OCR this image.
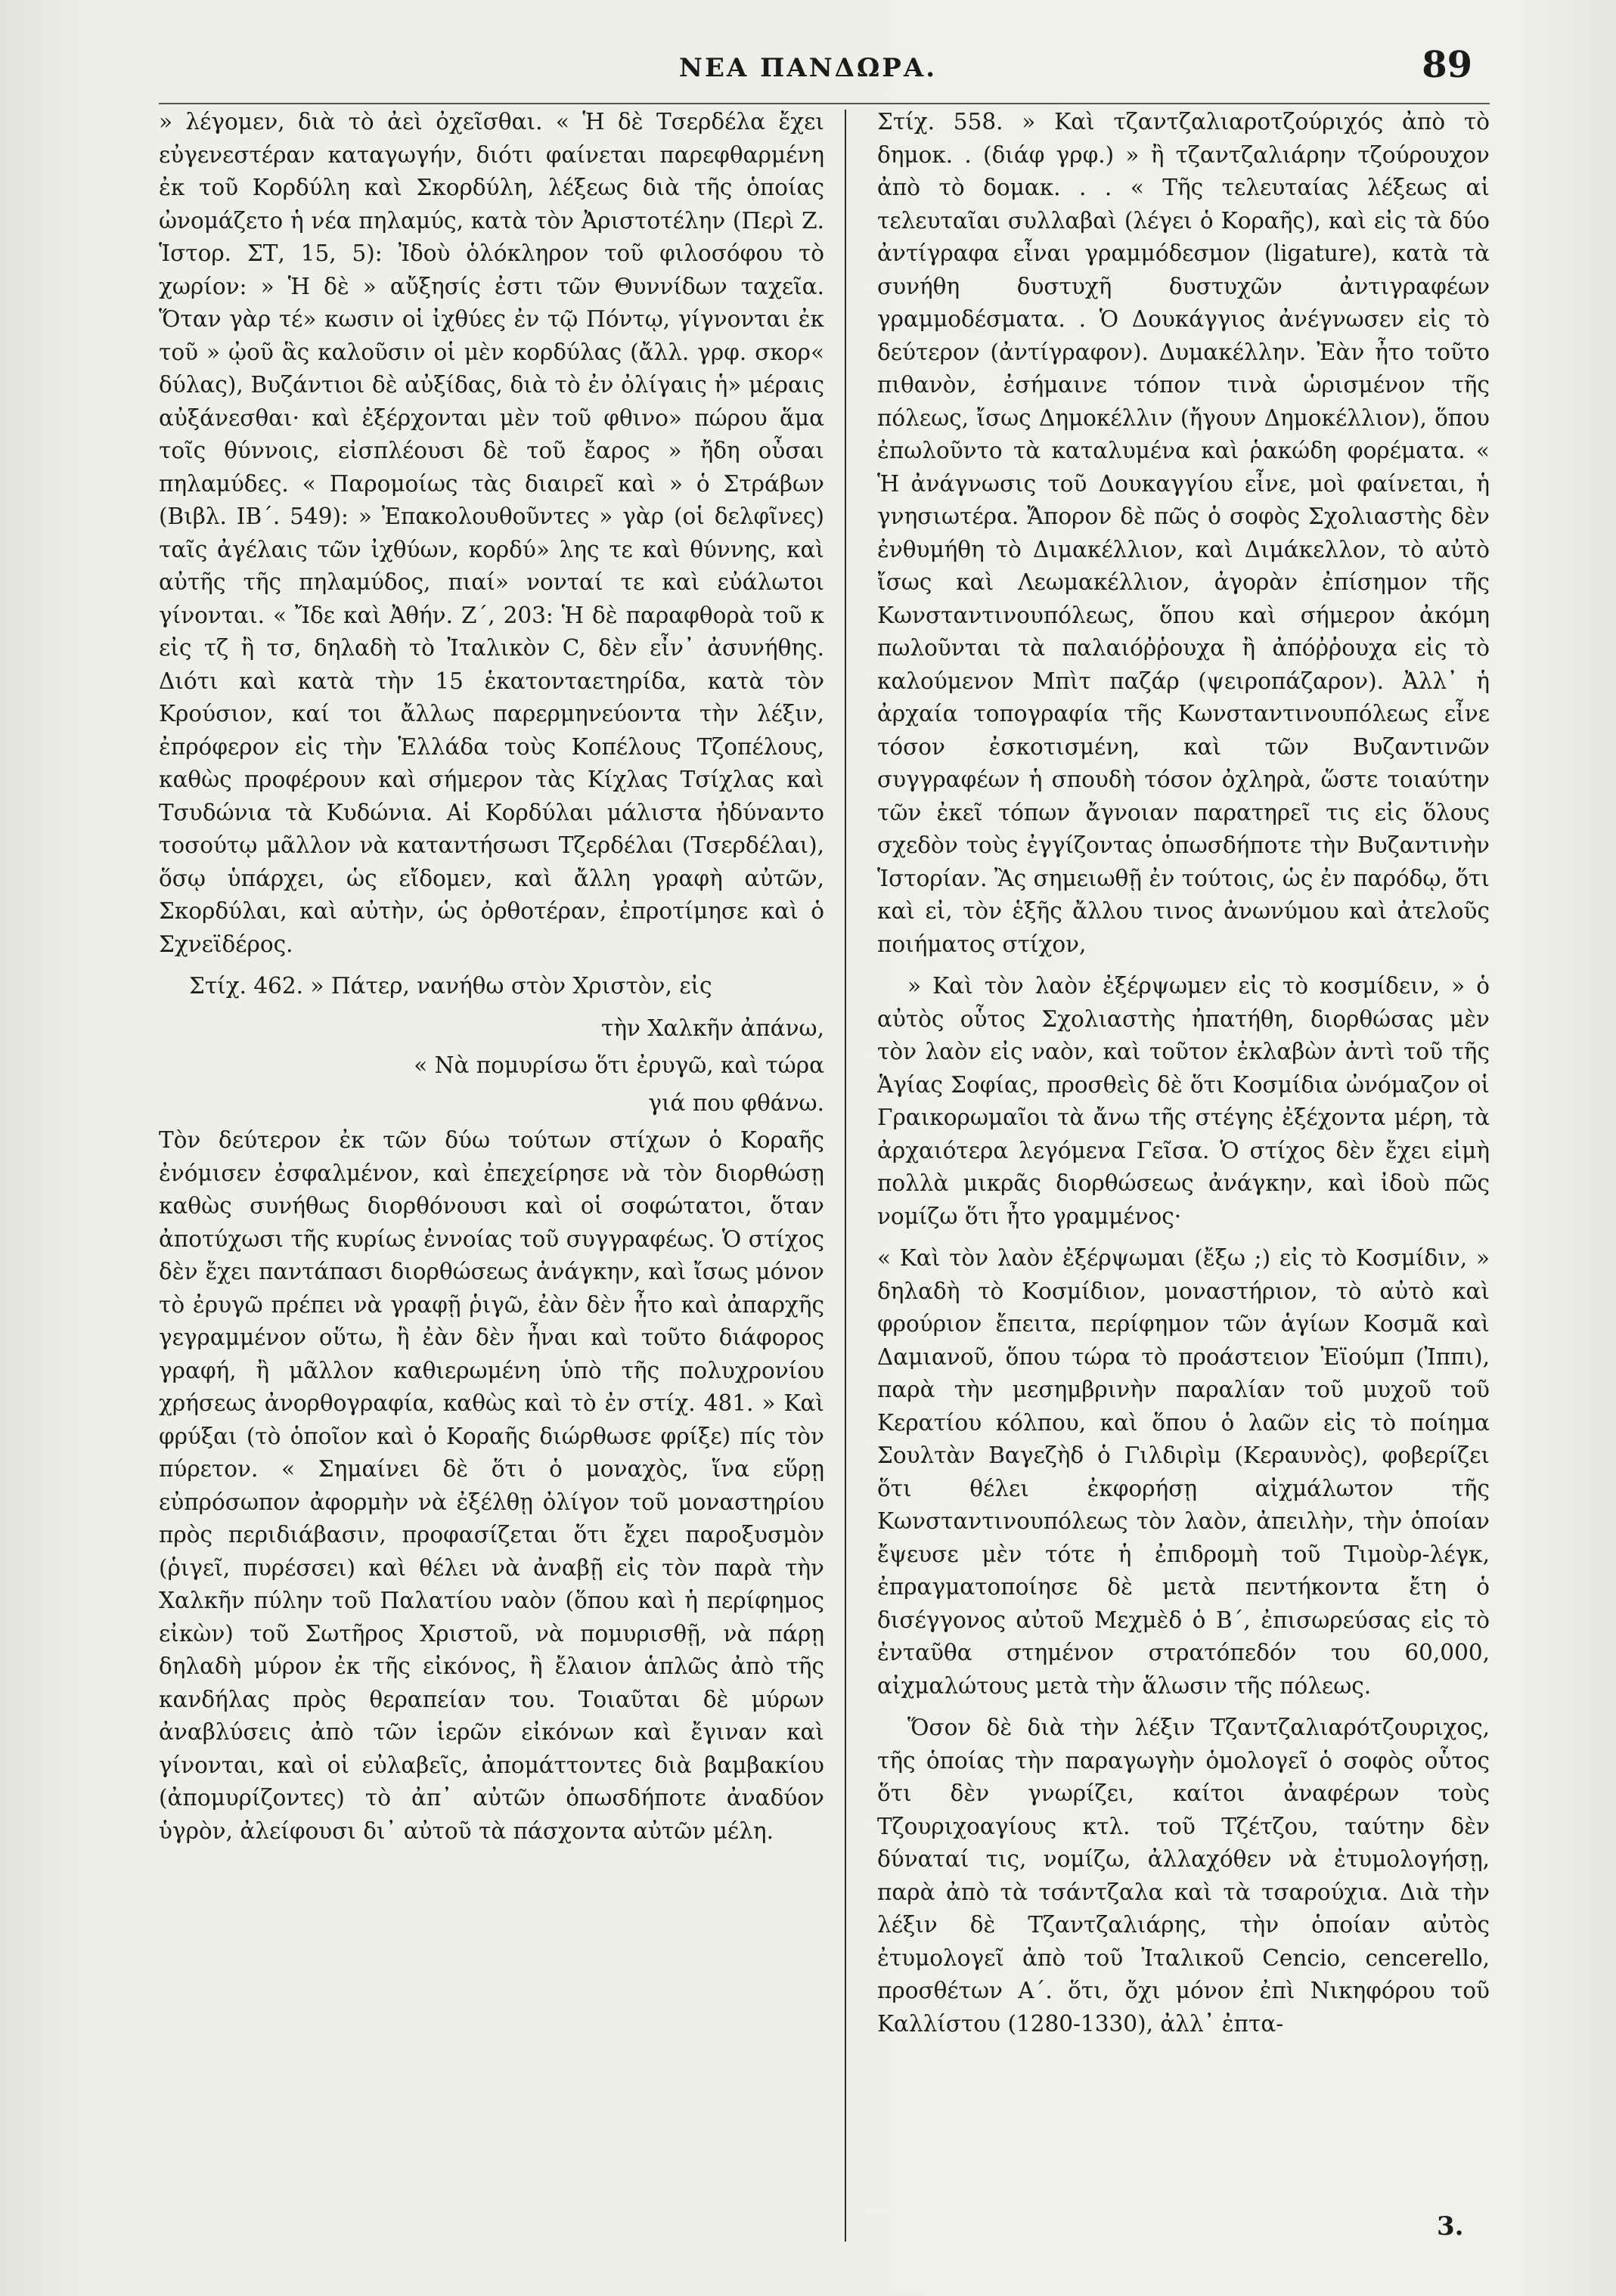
ΝΕΑ ΠΑΝΔΩΡΑ.	89

» λέγομεν, διὰ τὸ ἀεὶ ὀχεῖσθαι. « Ἡ δὲ Τσερδέλα ἔχει εὐγενεστέραν καταγωγήν, διότι φαίνεται παρεφθαρμένη ἐκ τοῦ Κορδύλη καὶ Σκορδύλη, λέξεως διὰ τῆς ὁποίας ὠνομάζετο ἡ νέα πηλαμύς, κατὰ τὸν Ἀριστοτέλην (Περὶ Ζ. Ἱστορ. ΣΤ, 15, 5): Ἰδοὺ ὁλόκληρον τοῦ φιλοσόφου τὸ χωρίον: » Ἡ δὲ » αὔξησίς ἐστι τῶν Θυννίδων ταχεῖα. Ὅταν γὰρ τέ» κωσιν οἱ ἰχθύες ἐν τῷ Πόντῳ, γίγνονται ἐκ τοῦ » ᾠοῦ ἃς καλοῦσιν οἱ μὲν κορδύλας (ἄλλ. γρφ. σκορ« δύλας), Βυζάντιοι δὲ αὐξίδας, διὰ τὸ ἐν ὀλίγαις ἡ» μέραις αὐξάνεσθαι· καὶ ἐξέρχονται μὲν τοῦ φθινο» πώρου ἅμα τοῖς θύννοις, εἰσπλέουσι δὲ τοῦ ἔαρος » ἤδη οὖσαι πηλαμύδες. « Παρομοίως τὰς διαιρεῖ καὶ » ὁ Στράβων (Βιβλ. ΙΒ΄. 549): » Ἐπακολουθοῦντες » γὰρ (οἱ δελφῖνες) ταῖς ἀγέλαις τῶν ἰχθύων, κορδύ» λης τε καὶ θύννης, καὶ αὐτῆς τῆς πηλαμύδος, πιαί» νονταί τε καὶ εὐάλωτοι γίνονται. « Ἴδε καὶ Ἀθήν. Ζ΄, 203: Ἡ δὲ παραφθορὰ τοῦ κ εἰς τζ ἢ τσ, δηλαδὴ τὸ Ἰταλικὸν C, δὲν εἶν᾽ ἀσυνήθης. Διότι καὶ κατὰ τὴν 15 ἑκατονταετηρίδα, κατὰ τὸν Κρούσιον, καί τοι ἄλλως παρερμηνεύοντα τὴν λέξιν, ἐπρόφερον εἰς τὴν Ἑλλάδα τοὺς Κοπέλους Τζοπέλους, καθὼς προφέρουν καὶ σήμερον τὰς Κίχλας Τσίχλας καὶ Τσυδώνια τὰ Κυδώνια. Αἱ Κορδύλαι μάλιστα ἠδύναντο τοσούτῳ μᾶλλον νὰ καταντήσωσι Τζερδέλαι (Τσερδέλαι), ὅσῳ ὑπάρχει, ὡς εἴδομεν, καὶ ἄλλη γραφὴ αὐτῶν, Σκορδύλαι, καὶ αὐτὴν, ὡς ὀρθοτέραν, ἐπροτίμησε καὶ ὁ Σχνεϊδέρος.

Στίχ. 462. » Πάτερ, νανήθω στὸν Χριστὸν, εἰς

τὴν Χαλκῆν ἀπάνω,

« Νὰ πομυρίσω ὅτι ἐρυγῶ, καὶ τώρα

γιά που φθάνω.

Τὸν δεύτερον ἐκ τῶν δύω τούτων στίχων ὁ Κοραῆς ἐνόμισεν ἐσφαλμένον, καὶ ἐπεχείρησε νὰ τὸν διορθώσῃ καθὼς συνήθως διορθόνουσι καὶ οἱ σοφώτατοι, ὅταν ἀποτύχωσι τῆς κυρίως ἐννοίας τοῦ συγγραφέως. Ὁ στίχος δὲν ἔχει παντάπασι διορθώσεως ἀνάγκην, καὶ ἴσως μόνον τὸ ἐρυγῶ πρέπει νὰ γραφῇ ῥιγῶ, ἐὰν δὲν ἦτο καὶ ἀπαρχῆς γεγραμμένον οὕτω, ἢ ἐὰν δὲν ἦναι καὶ τοῦτο διάφορος γραφή, ἢ μᾶλλον καθιερωμένη ὑπὸ τῆς πολυχρονίου χρήσεως ἀνορθογραφία, καθὼς καὶ τὸ ἐν στίχ. 481. » Καὶ φρύξαι (τὸ ὁποῖον καὶ ὁ Κοραῆς διώρθωσε φρίξε) πίς τὸν πύρετον. « Σημαίνει δὲ ὅτι ὁ μοναχὸς, ἵνα εὕρῃ εὐπρόσωπον ἀφορμὴν νὰ ἐξέλθῃ ὀλίγον τοῦ μοναστηρίου πρὸς περιδιάβασιν, προφασίζεται ὅτι ἔχει παροξυσμὸν (ῥιγεῖ, πυρέσσει) καὶ θέλει νὰ ἀναβῇ εἰς τὸν παρὰ τὴν Χαλκῆν πύλην τοῦ Παλατίου ναὸν (ὅπου καὶ ἡ περίφημος εἰκὼν) τοῦ Σωτῆρος Χριστοῦ, νὰ πομυρισθῇ, νὰ πάρῃ δηλαδὴ μύρον ἐκ τῆς εἰκόνος, ἢ ἔλαιον ἁπλῶς ἀπὸ τῆς κανδήλας πρὸς θεραπείαν του. Τοιαῦται δὲ μύρων ἀναβλύσεις ἀπὸ τῶν ἱερῶν εἰκόνων καὶ ἔγιναν καὶ γίνονται, καὶ οἱ εὐλαβεῖς, ἀπομάττοντες διὰ βαμβακίου (ἀπομυρίζοντες) τὸ ἀπ᾽ αὐτῶν ὁπωσδήποτε ἀναδύον ὑγρὸν, ἀλείφουσι δι᾽ αὐτοῦ τὰ πάσχοντα αὐτῶν μέλη.

Στίχ. 558. » Καὶ τζαντζαλιαροτζούριχός ἀπὸ τὸ δημοκ. . (διάφ γρφ.) » ἢ τζαντζαλιάρην τζούρουχον ἀπὸ τὸ δομακ. . . « Τῆς τελευταίας λέξεως αἱ τελευταῖαι συλλαβαὶ (λέγει ὁ Κοραῆς), καὶ εἰς τὰ δύο ἀντίγραφα εἶναι γραμμόδεσμον (ligature), κατὰ τὰ συνήθη δυστυχῆ δυστυχῶν ἀντιγραφέων γραμμοδέσματα. . Ὁ Δουκάγγιος ἀνέγνωσεν εἰς τὸ δεύτερον (ἀντίγραφον). Δυμακέλλην. Ἐὰν ἦτο τοῦτο πιθανὸν, ἐσήμαινε τόπον τινὰ ὡρισμένον τῆς πόλεως, ἴσως Δημοκέλλιν (ἤγουν Δημοκέλλιον), ὅπου ἐπωλοῦντο τὰ καταλυμένα καὶ ῥακώδη φορέματα. « Ἡ ἀνάγνωσις τοῦ Δουκαγγίου εἶνε, μοὶ φαίνεται, ἡ γνησιωτέρα. Ἄπορον δὲ πῶς ὁ σοφὸς Σχολιαστὴς δὲν ἐνθυμήθη τὸ Διμακέλλιον, καὶ Διμάκελλον, τὸ αὐτὸ ἴσως καὶ Λεωμακέλλιον, ἀγορὰν ἐπίσημον τῆς Κωνσταντινουπόλεως, ὅπου καὶ σήμερον ἀκόμη πωλοῦνται τὰ παλαιόῤῥουχα ἢ ἀπόῤῥουχα εἰς τὸ καλούμενον Μπὶτ παζάρ (ψειροπάζαρον). Ἀλλ᾽ ἡ ἀρχαία τοπογραφία τῆς Κωνσταντινουπόλεως εἶνε τόσον ἐσκοτισμένη, καὶ τῶν Βυζαντινῶν συγγραφέων ἡ σπουδὴ τόσον ὀχληρὰ, ὥστε τοιαύτην τῶν ἐκεῖ τόπων ἄγνοιαν παρατηρεῖ τις εἰς ὅλους σχεδὸν τοὺς ἐγγίζοντας ὁπωσδήποτε τὴν Βυζαντινὴν Ἱστορίαν. Ἂς σημειωθῇ ἐν τούτοις, ὡς ἐν παρόδῳ, ὅτι καὶ εἰ, τὸν ἑξῆς ἄλλου τινος ἀνωνύμου καὶ ἀτελοῦς ποιήματος στίχον,

» Καὶ τὸν λαὸν ἐξέρψωμεν εἰς τὸ κοσμίδειν, » ὁ αὐτὸς οὗτος Σχολιαστὴς ἠπατήθη, διορθώσας μὲν τὸν λαὸν εἰς ναὸν, καὶ τοῦτον ἐκλαβὼν ἀντὶ τοῦ τῆς Ἁγίας Σοφίας, προσθεὶς δὲ ὅτι Κοσμίδια ὠνόμαζον οἱ Γραικορωμαῖοι τὰ ἄνω τῆς στέγης ἐξέχοντα μέρη, τὰ ἀρχαιότερα λεγόμενα Γεῖσα. Ὁ στίχος δὲν ἔχει εἰμὴ πολλὰ μικρᾶς διορθώσεως ἀνάγκην, καὶ ἰδοὺ πῶς νομίζω ὅτι ἦτο γραμμένος·

« Καὶ τὸν λαὸν ἐξέρψωμαι (ἔξω ;) εἰς τὸ Κοσμίδιν, » δηλαδὴ τὸ Κοσμίδιον, μοναστήριον, τὸ αὐτὸ καὶ φρούριον ἔπειτα, περίφημον τῶν ἁγίων Κοσμᾶ καὶ Δαμιανοῦ, ὅπου τώρα τὸ προάστειον Ἐϊούμπ (Ἰππι), παρὰ τὴν μεσημβρινὴν παραλίαν τοῦ μυχοῦ τοῦ Κερατίου κόλπου, καὶ ὅπου ὁ λαῶν εἰς τὸ ποίημα Σουλτὰν Βαγεζὴδ ὁ Γιλδιρὶμ (Κεραυνὸς), φοβερίζει ὅτι θέλει ἐκφορήσῃ αἰχμάλωτον τῆς Κωνσταντινουπόλεως τὸν λαὸν, ἀπειλὴν, τὴν ὁποίαν ἔψευσε μὲν τότε ἡ ἐπιδρομὴ τοῦ Τιμοὺρ-λέγκ, ἐπραγματοποίησε δὲ μετὰ πεντήκοντα ἔτη ὁ δισέγγονος αὐτοῦ Μεχμὲδ ὁ Β΄, ἐπισωρεύσας εἰς τὸ ἐνταῦθα στημένον στρατόπεδόν του 60,000, αἰχμαλώτους μετὰ τὴν ἅλωσιν τῆς πόλεως.

Ὅσον δὲ διὰ τὴν λέξιν Τζαντζαλιαρότζουριχος, τῆς ὁποίας τὴν παραγωγὴν ὁμολογεῖ ὁ σοφὸς οὗτος ὅτι δὲν γνωρίζει, καίτοι ἀναφέρων τοὺς Τζουριχοαγίους κτλ. τοῦ Τζέτζου, ταύτην δὲν δύναταί τις, νομίζω, ἀλλαχόθεν νὰ ἐτυμολογήσῃ, παρὰ ἀπὸ τὰ τσάντζαλα καὶ τὰ τσαρούχια. Διὰ τὴν λέξιν δὲ Τζαντζαλιάρης, τὴν ὁποίαν αὐτὸς ἐτυμολογεῖ ἀπὸ τοῦ Ἰταλικοῦ Cencio, cencerello, προσθέτων Α΄. ὅτι, ὄχι μόνον ἐπὶ Νικηφόρου τοῦ Καλλίστου (1280-1330), ἀλλ᾽ ἐπτα-

3.
